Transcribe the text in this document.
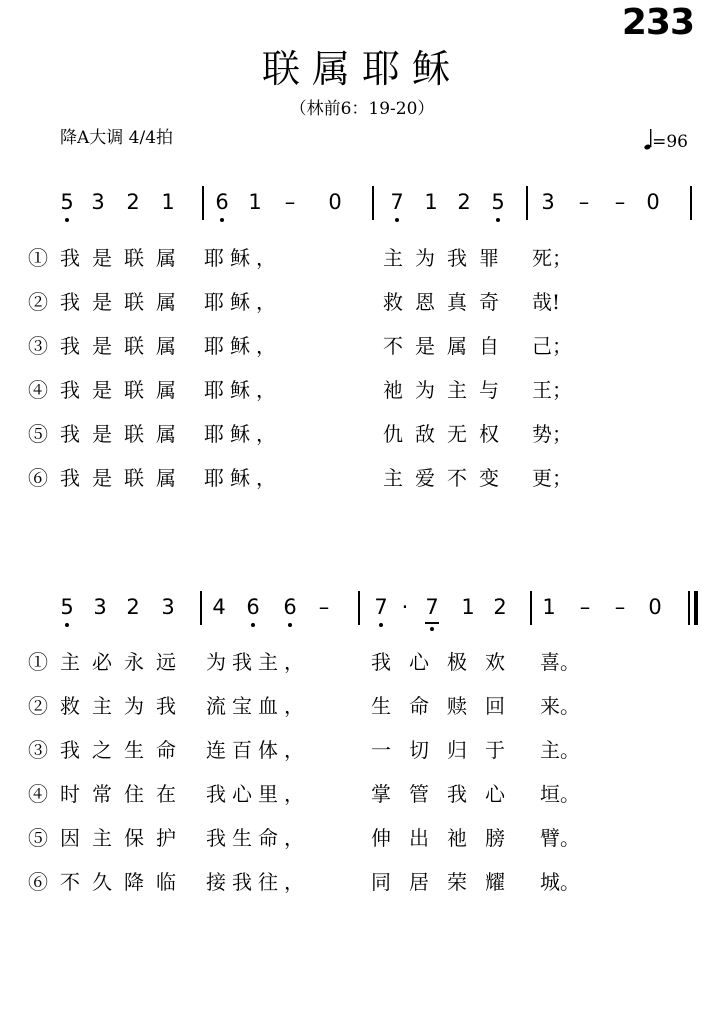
233
联属耶稣
（林前6：19-20）
降A大调 4/4拍	=96
5 3 2 1 6 1 – 0 7 1 2 5 3 – – 0
①我是联属 耶稣，	主为我罪 死；
②我是联属 耶稣，	救恩真奇 哉!
③我是联属 耶稣，	不是属自 己；
④我是联属 耶稣，	祂为主与 王；
⑤我是联属 耶稣，	仇敌无权 势；
⑥我是联属 耶稣，	主爱不变 更；
5 3 2 3 4 6 6 – 7 · 7 1 2 1 – – 0
①主必永远 为我主，	我心极欢 喜。
②救主为我 流宝血，	生命赎回 来。
③我之生命 连百体，	一切归于 主。
④时常住在 我心里，	掌管我心 垣。
⑤因主保护 我生命，	伸出祂膀 臂。
⑥不久降临 接我往，	同居荣耀 城。
